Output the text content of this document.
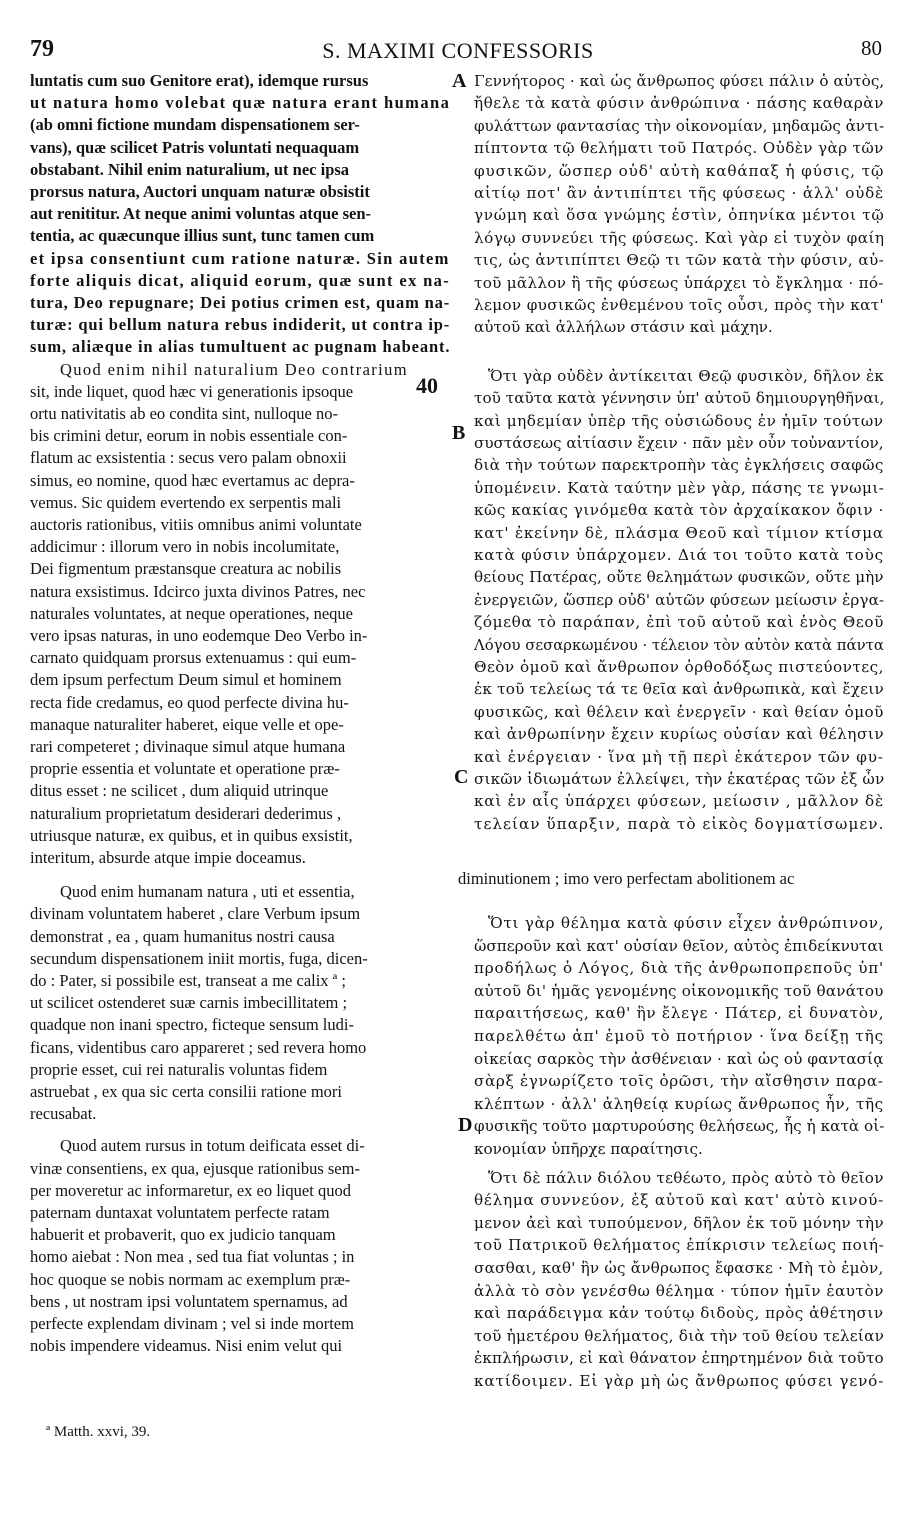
79	S. MAXIMI CONFESSORIS	80
luntatis cum suo Genitore erat), idemque rursus
ut natura homo volebat quæ natura erant humana
(ab omni fictione mundam dispensationem ser-
vans), quæ scilicet Patris voluntati nequaquam
obstabant. Nihil enim naturalium, ut nec ipsa
prorsus natura, Auctori unquam naturæ obsistit
aut renititur. At neque animi voluntas atque sen-
tentia, ac quæcunque illius sunt, tunc tamen cum
et ipsa consentiunt cum ratione naturæ. Sin autem
forte aliquis dicat, aliquid eorum, quæ sunt ex na-
tura, Deo repugnare; Dei potius crimen est, quam na-
turæ: qui bellum natura rebus indiderit, ut contra ip-
sum, aliæque in alias tumultuent ac pugnam habeant.
Quod enim nihil naturalium Deo contrarium
sit, inde liquet, quod hæc vi generationis ipsoque
ortu nativitatis ab eo condita sint, nulloque no-
bis crimini detur, eorum in nobis essentiale con-
flatum ac exsistentia : secus vero palam obnoxii
simus, eo nomine, quod hæc evertamus ac depra-
vemus. Sic quidem evertendo ex serpentis mali
auctoris rationibus, vitiis omnibus animi voluntate
addicimur : illorum vero in nobis incolumitate,
Dei figmentum præstansque creatura ac nobilis
natura exsistimus. Idcirco juxta divinos Patres, nec
naturales voluntates, at neque operationes, neque
vero ipsas naturas, in uno eodemque Deo Verbo in-
carnato quidquam prorsus extenuamus : qui eum-
dem ipsum perfectum Deum simul et hominem
recta fide credamus, eo quod perfecte divina hu-
manaque naturaliter haberet, eique velle et ope-
rari competeret ; divinaque simul atque humana
proprie essentia et voluntate et operatione præ-
ditus esset : ne scilicet , dum aliquid utrinque
naturalium proprietatum desiderari dederimus ,
utriusque naturæ, ex quibus, et in quibus exsistit,
interitum, absurde atque impie doceamus.
Quod enim humanam natura , uti et essentia,
divinam voluntatem haberet , clare Verbum ipsum
demonstrat , ea , quam humanitus nostri causa
secundum dispensationem iniit mortis, fuga, dicen-
do : Pater, si possibile est, transeat a me calix ª ;
ut scilicet ostenderet suæ carnis imbecillitatem ;
quadque non inani spectro, ficteque sensum ludi-
ficans, videntibus caro appareret ; sed revera homo
proprie esset, cui rei naturalis voluntas fidem
astruebat , ex qua sic certa consilii ratione mori
recusabat.
Quod autem rursus in totum deificata esset di-
vinæ consentiens, ex qua, ejusque rationibus sem-
per moveretur ac informaretur, ex eo liquet quod
paternam duntaxat voluntatem perfecte ratam
habuerit et probaverit, quo ex judicio tanquam
homo aiebat : Non mea , sed tua fiat voluntas ; in
hoc quoque se nobis normam ac exemplum præ-
bens , ut nostram ipsi voluntatem spernamus, ad
perfecte explendam divinam ; vel si inde mortem
nobis impendere videamus. Nisi enim velut qui
Γεννήτορος · καὶ ὡς ἄνθρωπος φύσει πάλιν ὁ αὐτὸς,
ἤθελε τὰ κατὰ φύσιν ἀνθρώπινα · πάσης καθαρὰν
φυλάττων φαντασίας τὴν οἰκονομίαν, μηδαμῶς ἀντι-
πίπτοντα τῷ θελήματι τοῦ Πατρός. Οὐδὲν γὰρ τῶν
φυσικῶν, ὥσπερ οὐδ' αὐτὴ καθάπαξ ἡ φύσις, τῷ
αἰτίῳ ποτ' ἂν ἀντιπίπτει τῆς φύσεως · ἀλλ' οὐδὲ
γνώμη καὶ ὅσα γνώμης ἐστὶν, ὁπηνίκα μέντοι τῷ
λόγῳ συννεύει τῆς φύσεως. Καὶ γὰρ εἰ τυχὸν φαίη
τις, ὡς ἀντιπίπτει Θεῷ τι τῶν κατὰ τὴν φύσιν, αὐ-
τοῦ μᾶλλον ἢ τῆς φύσεως ὑπάρχει τὸ ἔγκλημα · πό-
λεμον φυσικῶς ἐνθεμένου τοῖς οὖσι, πρὸς τὴν κατ'
αὐτοῦ καὶ ἀλλήλων στάσιν καὶ μάχην.
Ὅτι γὰρ οὐδὲν ἀντίκειται Θεῷ φυσικὸν, δῆλον ἐκ
τοῦ ταῦτα κατὰ γέννησιν ὑπ' αὐτοῦ δημιουργηθῆναι,
καὶ μηδεμίαν ὑπὲρ τῆς οὐσιώδους ἐν ἡμῖν τούτων
συστάσεως αἰτίασιν ἔχειν · πᾶν μὲν οὖν τοὐναντίον,
διὰ τὴν τούτων παρεκτροπὴν τὰς ἐγκλήσεις σαφῶς
ὑπομένειν. Κατὰ ταύτην μὲν γὰρ, πάσης τε γνωμι-
κῶς κακίας γινόμεθα κατὰ τὸν ἀρχαίκακον ὄφιν ·
κατ' ἐκείνην δὲ, πλάσμα Θεοῦ καὶ τίμιον κτίσμα
κατὰ φύσιν ὑπάρχομεν. Διά τοι τοῦτο κατὰ τοὺς
θείους Πατέρας, οὔτε θελημάτων φυσικῶν, οὔτε μὴν
ἐνεργειῶν, ὥσπερ οὐδ' αὐτῶν φύσεων μείωσιν ἐργα-
ζόμεθα τὸ παράπαν, ἐπὶ τοῦ αὐτοῦ καὶ ἑνὸς Θεοῦ
Λόγου σεσαρκωμένου · τέλειον τὸν αὐτὸν κατὰ πάντα
Θεὸν ὁμοῦ καὶ ἄνθρωπον ὀρθοδόξως πιστεύοντες,
ἐκ τοῦ τελείως τά τε θεῖα καὶ ἀνθρωπικὰ, καὶ ἔχειν
φυσικῶς, καὶ θέλειν καὶ ἐνεργεῖν · καὶ θείαν ὁμοῦ
καὶ ἀνθρωπίνην ἔχειν κυρίως οὐσίαν καὶ θέλησιν
καὶ ἐνέργειαν · ἵνα μὴ τῇ περὶ ἑκάτερον τῶν φυ-
σικῶν ἰδιωμάτων ἐλλείψει, τὴν ἑκατέρας τῶν ἐξ ὧν
καὶ ἐν αἷς ὑπάρχει φύσεων, μείωσιν , μᾶλλον δὲ
τελείαν ὕπαρξιν, παρὰ τὸ εἰκὸς δογματίσωμεν.
diminutionem ; imo vero perfectam abolitionem ac
Ὅτι γὰρ θέλημα κατὰ φύσιν εἶχεν ἀνθρώπινον,
ὥσπεροῦν καὶ κατ' οὐσίαν θεῖον, αὐτὸς ἐπιδείκνυται
προδήλως ὁ Λόγος, διὰ τῆς ἀνθρωποπρεποῦς ὑπ'
αὐτοῦ δι' ἡμᾶς γενομένης οἰκονομικῆς τοῦ θανάτου
παραιτήσεως, καθ' ἣν ἔλεγε · Πάτερ, εἰ δυνατὸν,
παρελθέτω ἀπ' ἐμοῦ τὸ ποτήριον · ἵνα δείξῃ τῆς
οἰκείας σαρκὸς τὴν ἀσθένειαν · καὶ ὡς οὐ φαντασίᾳ
σὰρξ ἐγνωρίζετο τοῖς ὁρῶσι, τὴν αἴσθησιν παρα-
κλέπτων · ἀλλ' ἀληθείᾳ κυρίως ἄνθρωπος ἦν, τῆς
φυσικῆς τοῦτο μαρτυρούσης θελήσεως, ἧς ἡ κατὰ οἰ-
κονομίαν ὑπῆρχε παραίτησις.
Ὅτι δὲ πάλιν διόλου τεθέωτο, πρὸς αὐτὸ τὸ θεῖον
θέλημα συννεύον, ἐξ αὐτοῦ καὶ κατ' αὐτὸ κινού-
μενον ἀεὶ καὶ τυπούμενον, δῆλον ἐκ τοῦ μόνην τὴν
τοῦ Πατρικοῦ θελήματος ἐπίκρισιν τελείως ποιή-
σασθαι, καθ' ἣν ὡς ἄνθρωπος ἔφασκε · Μὴ τὸ ἐμὸν,
ἀλλὰ τὸ σὸν γενέσθω θέλημα · τύπον ἡμῖν ἑαυτὸν
καὶ παράδειγμα κἀν τούτῳ διδοὺς, πρὸς ἀθέτησιν
τοῦ ἡμετέρου θελήματος, διὰ τὴν τοῦ θείου τελείαν
ἐκπλήρωσιν, εἰ καὶ θάνατον ἐπηρτημένον διὰ τοῦτο
κατίδοιμεν. Εἰ γὰρ μὴ ὡς ἄνθρωπος φύσει γενό-
A
B
C
D
40
ª Matth. xxvi, 39.
